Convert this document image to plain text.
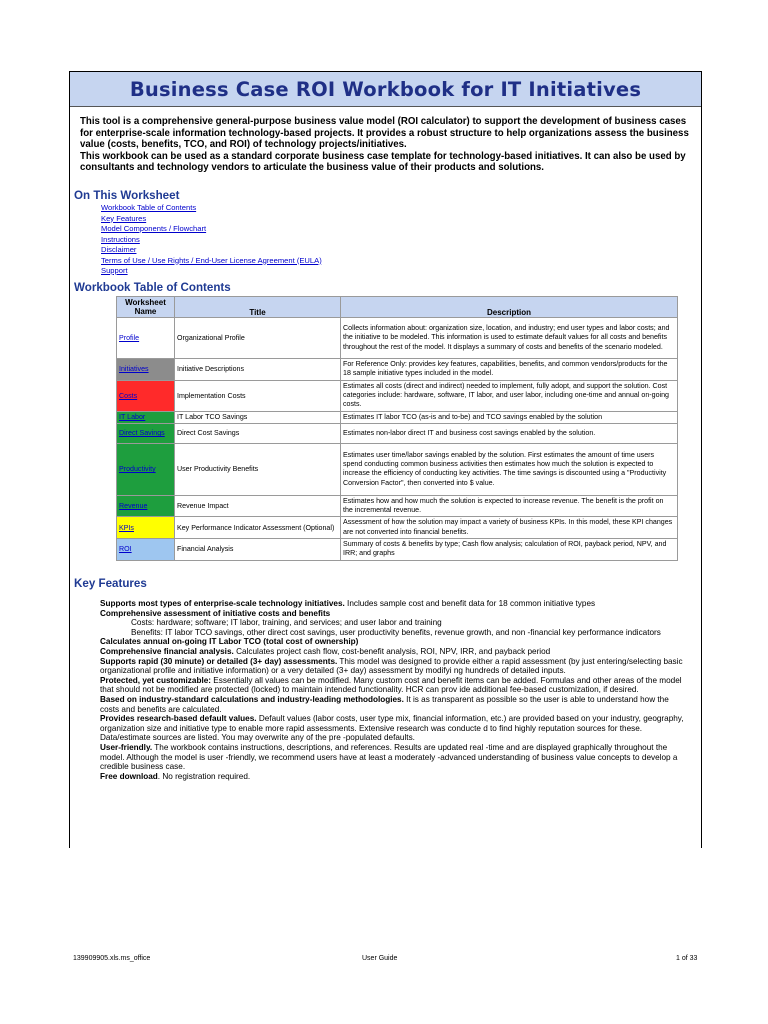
Business Case ROI Workbook for IT Initiatives

This tool is a comprehensive general-purpose business value model (ROI calculator) to support the development of business cases for enterprise-scale information technology-based projects. It provides a robust structure to help organizations assess the business value (costs, benefits, TCO, and ROI) of technology projects/initiatives.

This workbook can be used as a standard corporate business case template for technology-based initiatives. It can also be used by consultants and technology vendors to articulate the business value of their products and solutions.

On This Worksheet
Workbook Table of Contents
Key Features
Model Components / Flowchart
Instructions
Disclaimer
Terms of Use / Use Rights / End-User License Agreement (EULA)
Support
Workbook Table of Contents
Worksheet Name	Title	Description
Profile	Organizational Profile	Collects information about: organization size, location, and industry; end user types and labor costs; and the initiative to be modeled. This information is used to estimate default values for all costs and benefits throughout the rest of the model. It displays a summary of costs and benefits of the scenario modeled.
Initiatives	Initiative Descriptions	For Reference Only: provides key features, capabilities, benefits, and common vendors/products for the 18 sample initiative types included in the model.
Costs	Implementation Costs	Estimates all costs (direct and indirect) needed to implement, fully adopt, and support the solution. Cost categories include: hardware, software, IT labor, and user labor, including one-time and annual on-going costs.
IT Labor	IT Labor TCO Savings	Estimates IT labor TCO (as-is and to-be) and TCO savings enabled by the solution
Direct Savings	Direct Cost Savings	Estimates non-labor direct IT and business cost savings enabled by the solution.
Productivity	User Productivity Benefits	Estimates user time/labor savings enabled by the solution. First estimates the amount of time users spend conducting common business activities then estimates how much the solution is expected to increase the efficiency of conducting key activities. The time savings is discounted using a "Productivity Conversion Factor", then converted into $ value.
Revenue	Revenue Impact	Estimates how and how much the solution is expected to increase revenue. The benefit is the profit on the incremental revenue.
KPIs	Key Performance Indicator Assessment (Optional)	Assessment of how the solution may impact a variety of business KPIs. In this model, these KPI changes are not converted into financial benefits.
ROI	Financial Analysis	Summary of costs & benefits by type; Cash flow analysis; calculation of ROI, payback period, NPV, and IRR; and graphs
Key Features

Supports most types of enterprise-scale technology initiatives. Includes sample cost and benefit data for 18 common initiative types

Comprehensive assessment of initiative costs and benefits

Costs: hardware; software; IT labor, training, and services; and user labor and training

Benefits: IT labor TCO savings, other direct cost savings, user productivity benefits, revenue growth, and non -financial key performance indicators

Calculates annual on-going IT Labor TCO (total cost of ownership)

Comprehensive financial analysis. Calculates project cash flow, cost-benefit analysis, ROI, NPV, IRR, and payback period

Supports rapid (30 minute) or detailed (3+ day) assessments. This model was designed to provide either a rapid assessment (by just entering/selecting basic organizational profile and initiative information) or a very detailed (3+ day) assessment by modifyi ng hundreds of detailed inputs.

Protected, yet customizable: Essentially all values can be modified. Many custom cost and benefit items can be added. Formulas and other areas of the model that should not be modified are protected (locked) to maintain intended functionality. HCR can prov ide additional fee-based customization, if desired.

Based on industry-standard calculations and industry-leading methodologies. It is as transparent as possible so the user is able to understand how the costs and benefits are calculated.

Provides research-based default values. Default values (labor costs, user type mix, financial information, etc.) are provided based on your industry, geography, organization size and initiative type to enable more rapid assessments. Extensive research was conducte d to find highly reputation sources for these. Data/estimate sources are listed. You may overwrite any of the pre -populated defaults.

User-friendly. The workbook contains instructions, descriptions, and references. Results are updated real -time and are displayed graphically throughout the model. Although the model is user -friendly, we recommend users have at least a moderately -advanced understanding of business value concepts to develop a credible business case.

Free download. No registration required.

139909905.xls.ms_office	User Guide	1 of 33
